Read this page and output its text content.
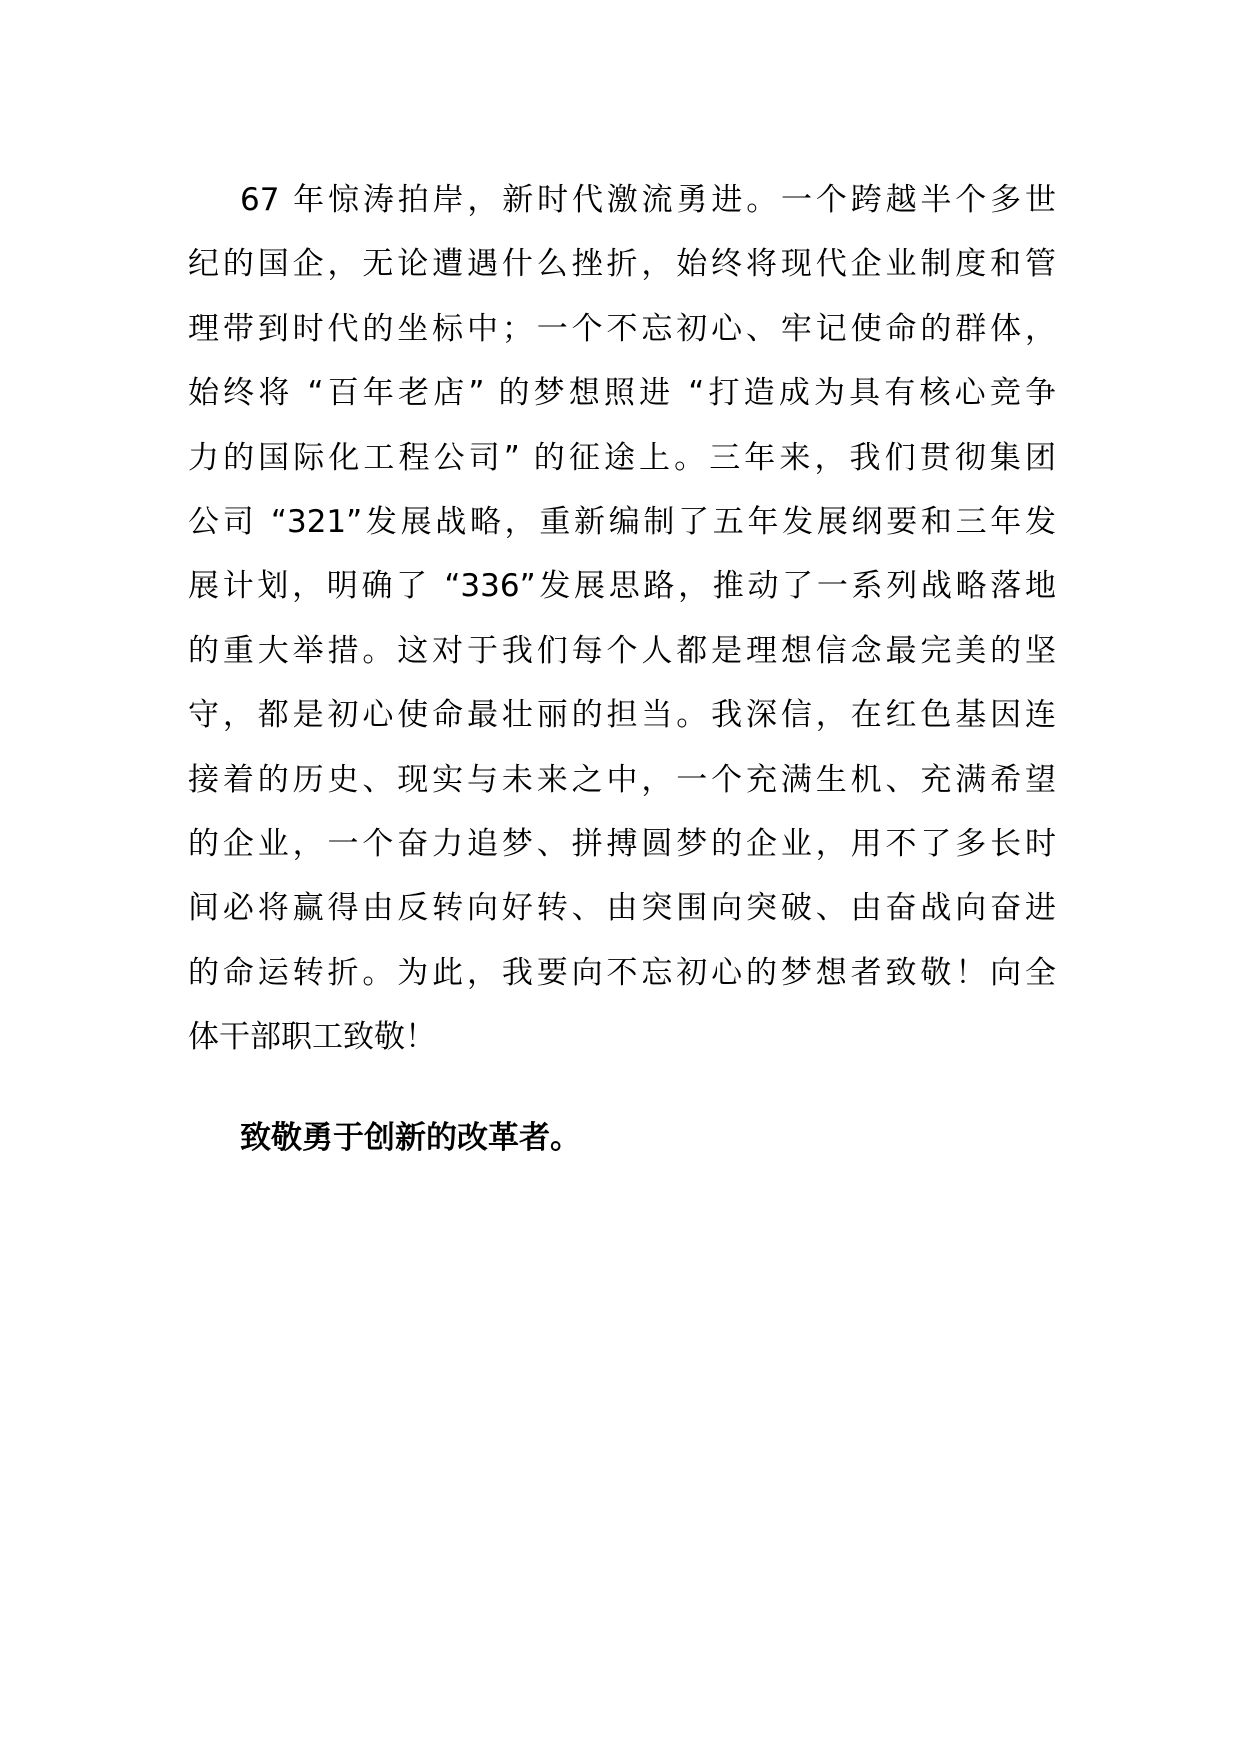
67 年惊涛拍岸，新时代激流勇进。一个跨越半个多世
纪的国企，无论遭遇什么挫折，始终将现代企业制度和管
理带到时代的坐标中；一个不忘初心、牢记使命的群体，
始终将 “百年老店” 的梦想照进 “打造成为具有核心竞争
力的国际化工程公司” 的征途上。三年来，我们贯彻集团
公司 “321”发展战略，重新编制了五年发展纲要和三年发
展计划，明确了 “336”发展思路，推动了一系列战略落地
的重大举措。这对于我们每个人都是理想信念最完美的坚
守，都是初心使命最壮丽的担当。我深信，在红色基因连
接着的历史、现实与未来之中，一个充满生机、充满希望
的企业，一个奋力追梦、拼搏圆梦的企业，用不了多长时
间必将赢得由反转向好转、由突围向突破、由奋战向奋进
的命运转折。为此，我要向不忘初心的梦想者致敬！向全
体干部职工致敬！
致敬勇于创新的改革者。
